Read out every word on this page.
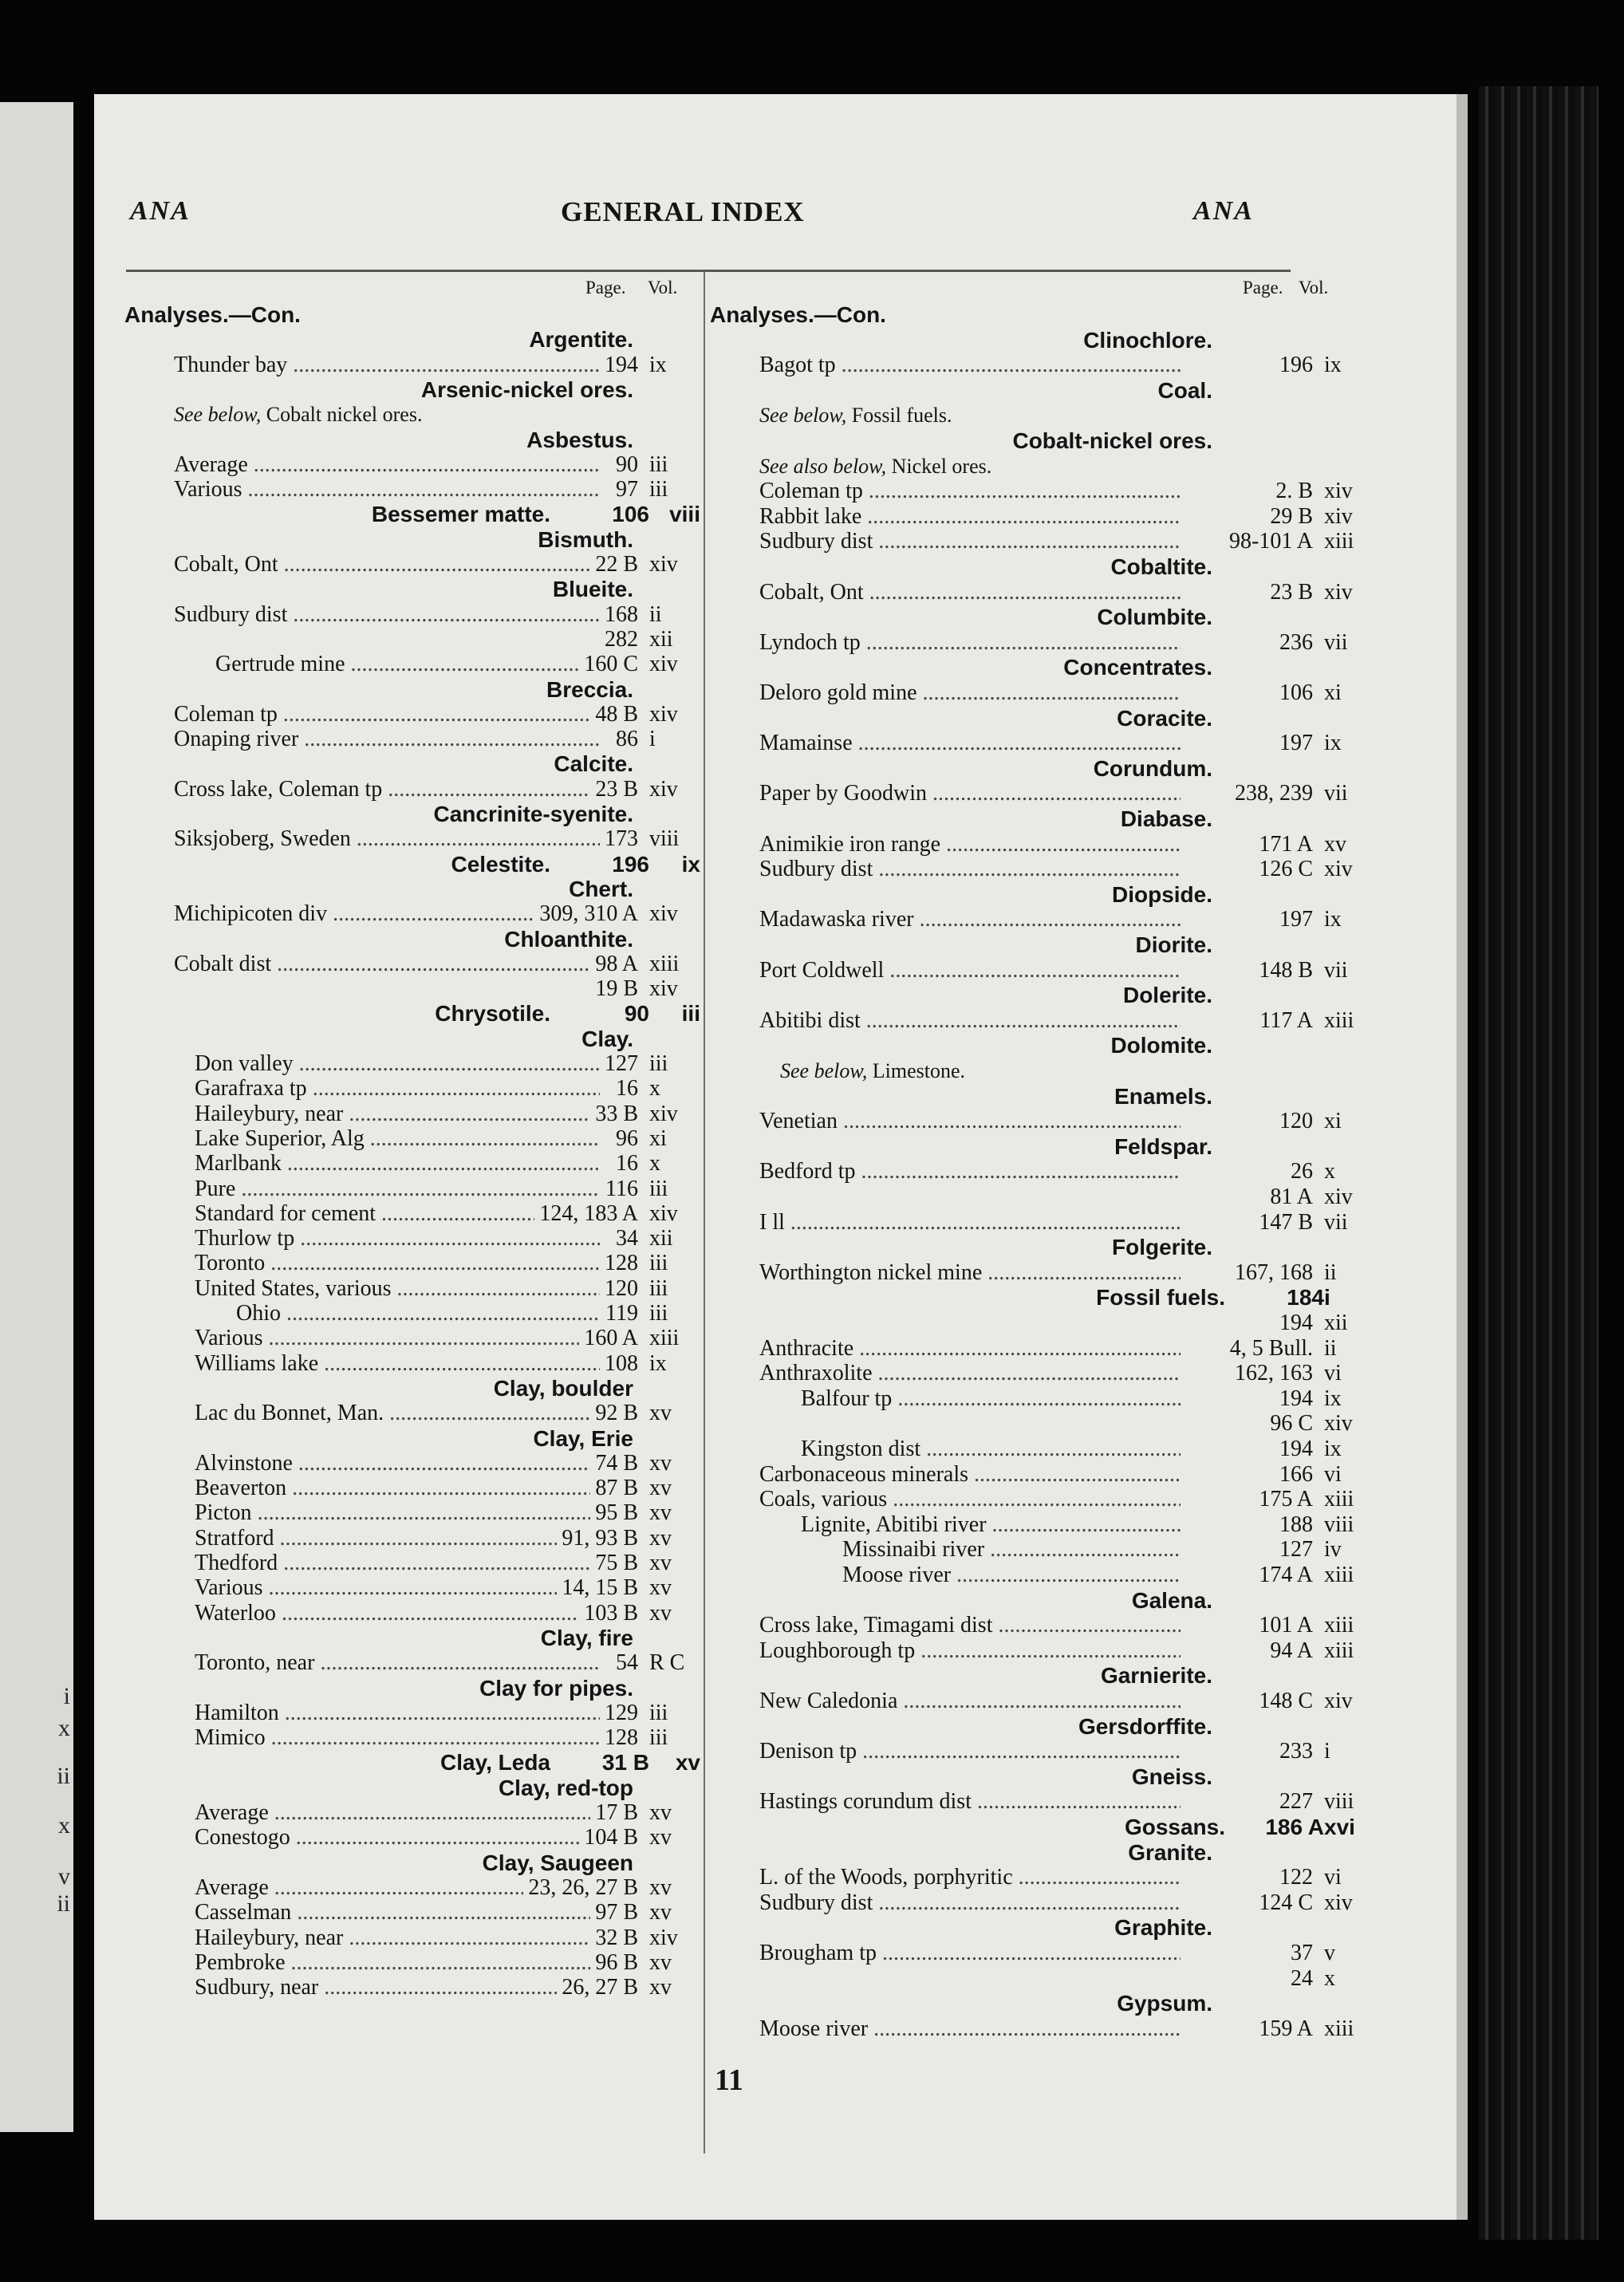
i
x
ii
x
v
ii
ANA	GENERAL INDEX	ANA
Page. Vol.
Analyses.—Con.
Argentite.
Thunder bay .....	194 ix
Arsenic-nickel ores.
See below, Cobalt nickel ores.
Asbestus.
Average .....	90 iii
Various .....	97 iii
Bessemer matte.	106 viii
Bismuth.
Cobalt, Ont .....	22 B xiv
Blueite.
Sudbury dist .....	168 ii
282 xii
Gertrude mine .....	160 C xiv
Breccia.
Coleman tp .....	48 B xiv
Onaping river .....	86 i
Calcite.
Cross lake, Coleman tp .....	23 B xiv
Cancrinite-syenite.
Siksjoberg, Sweden .....	173 viii
Celestite.	196	ix
Chert.
Michipicoten div .....	309, 310 A xiv
Chloanthite.
Cobalt dist .....	98 A xiii
19 B xiv
Chrysotile.	90	iii
Clay.
Don valley .....	127 iii
Garafraxa tp .....	16 x
Haileybury, near .....	33 B xiv
Lake Superior, Alg .....	96 xi
Marlbank .....	16 x
Pure .....	116 iii
Standard for cement .....	124, 183 A xiv
Thurlow tp .....	34 xii
Toronto .....	128 iii
United States, various .....	120 iii
Ohio .....	119 iii
Various .....	160 A xiii
Williams lake .....	108 ix
Clay, boulder
Lac du Bonnet, Man. .....	92 B xv
Clay, Erie
Alvinstone .....	74 B xv
Beaverton .....	87 B xv
Picton .....	95 B xv
Stratford .....	91, 93 B xv
Thedford .....	75 B xv
Various .....	14, 15 B xv
Waterloo .....	103 B xv
Clay, fire
Toronto, near .....	54 R C
Clay for pipes.
Hamilton .....	129 iii
Mimico .....	128 iii
Clay, Leda	31 B	xv
Clay, red-top
Average .....	17 B xv
Conestogo .....	104 B xv
Clay, Saugeen
Average .....	23, 26, 27 B xv
Casselman .....	97 B xv
Haileybury, near .....	32 B xiv
Pembroke .....	96 B xv
Sudbury, near .....	26, 27 B xv
Page. Vol.
Analyses.—Con.
Clinochlore.
Bagot tp .....	196 ix
Coal.
See below, Fossil fuels.
Cobalt-nickel ores.
See also below, Nickel ores.
Coleman tp .....	2. B xiv
Rabbit lake .....	29 B xiv
Sudbury dist .....	98-101 A xiii
Cobaltite.
Cobalt, Ont .....	23 B xiv
Columbite.
Lyndoch tp .....	236 vii
Concentrates.
Deloro gold mine .....	106 xi
Coracite.
Mamainse .....	197 ix
Corundum.
Paper by Goodwin .....	238, 239 vii
Diabase.
Animikie iron range .....	171 A xv
Sudbury dist .....	126 C xiv
Diopside.
Madawaska river .....	197 ix
Diorite.
Port Coldwell .....	148 B vii
Dolerite.
Abitibi dist .....	117 A xiii
Dolomite.
See below, Limestone.
Enamels.
Venetian .....	120 xi
Feldspar.
Bedford tp .....	26 x
81 A xiv
I ll .....	147 B vii
Folgerite.
Worthington nickel mine .....	167, 168 ii
Fossil fuels.	184 i
194 xii
Anthracite .....	4, 5 Bull. ii
Anthraxolite .....	162, 163 vi
Balfour tp .....	194 ix
96 C xiv
Kingston dist .....	194 ix
Carbonaceous minerals .....	166 vi
Coals, various .....	175 A xiii
Lignite, Abitibi river .....	188 viii
Missinaibi river .....	127 iv
Moose river .....	174 A xiii
Galena.
Cross lake, Timagami dist .....	101 A xiii
Loughborough tp .....	94 A xiii
Garnierite.
New Caledonia .....	148 C xiv
Gersdorffite.
Denison tp .....	233 i
Gneiss.
Hastings corundum dist .....	227 viii
Gossans.	186 A xvi
Granite.
L. of the Woods, porphyritic .....	122 vi
Sudbury dist .....	124 C xiv
Graphite.
Brougham tp .....	37 v
24 x
Gypsum.
Moose river .....	159 A xiii
11
